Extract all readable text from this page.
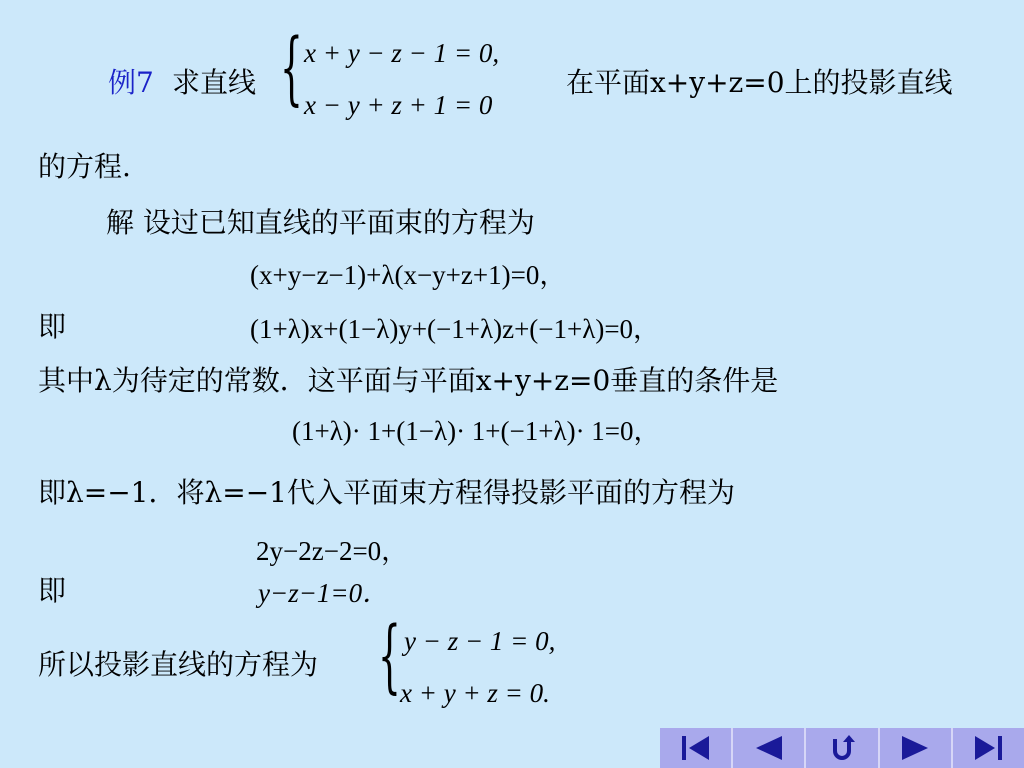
例7 求直线 { x + y − z − 1 = 0,
x − y + z + 1 = 0
在平面x+y+z=0上的投影直线
的方程.
解 设过已知直线的平面束的方程为
(x+y−z−1)+λ(x−y+z+1)=0，
即	(1+λ)x+(1−λ)y+(−1+λ)z+(−1+λ)=0，
其中λ为待定的常数．这平面与平面x+y+z=0垂直的条件是
(1+λ)· 1+(1−λ)· 1+(−1+λ)· 1=0，
即λ=−1．将λ=−1代入平面束方程得投影平面的方程为
2y−2z−2=0，
即	y−z−1=0．
所以投影直线的方程为 { y − z − 1 = 0,
x + y + z = 0.
